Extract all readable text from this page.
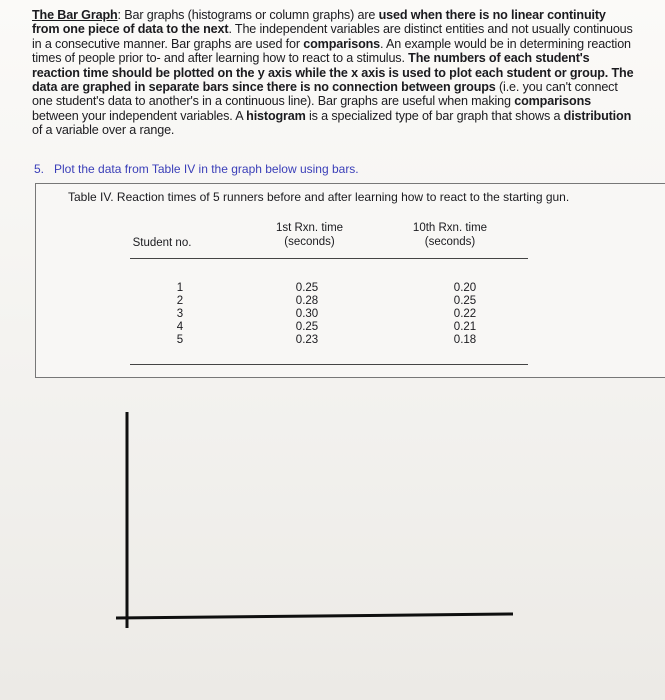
The Bar Graph: Bar graphs (histograms or column graphs) are used when there is no linear continuity from one piece of data to the next. The independent variables are distinct entities and not usually continuous in a consecutive manner. Bar graphs are used for comparisons. An example would be in determining reaction times of people prior to- and after learning how to react to a stimulus. The numbers of each student's reaction time should be plotted on the y axis while the x axis is used to plot each student or group. The data are graphed in separate bars since there is no connection between groups (i.e. you can't connect one student's data to another's in a continuous line). Bar graphs are useful when making comparisons between your independent variables. A histogram is a specialized type of bar graph that shows a distribution of a variable over a range.

5. Plot the data from Table IV in the graph below using bars.
Table IV. Reaction times of 5 runners before and after learning how to react to the starting gun.
Student no.
1st Rxn. time
(seconds)
10th Rxn. time
(seconds)
1
2
3
4
5
0.25
0.28
0.30
0.25
0.23
0.20
0.25
0.22
0.21
0.18
